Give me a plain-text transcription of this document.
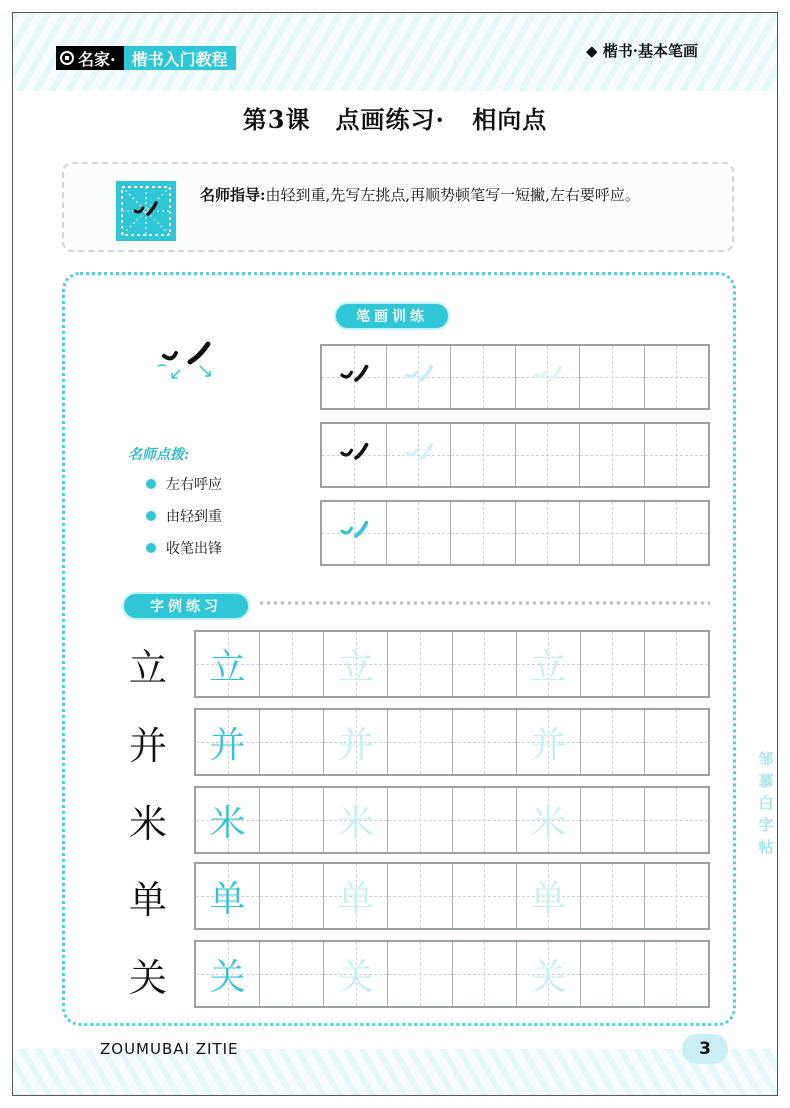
名家·	楷书入门教程	◆ 楷书·基本笔画
第3课　点画练习· 相向点

名师指导:由轻到重,先写左挑点,再顺势顿笔写一短撇,左右要呼应。

笔画训练
名师点拨:
左右呼应
由轻到重
收笔出锋
字例练习
立	立	立	立
并	并	并	并
米	米	米	米
单	单	单	单
关	关	关	关
邹慕白字帖
ZOUMUBAI ZITIE	3
